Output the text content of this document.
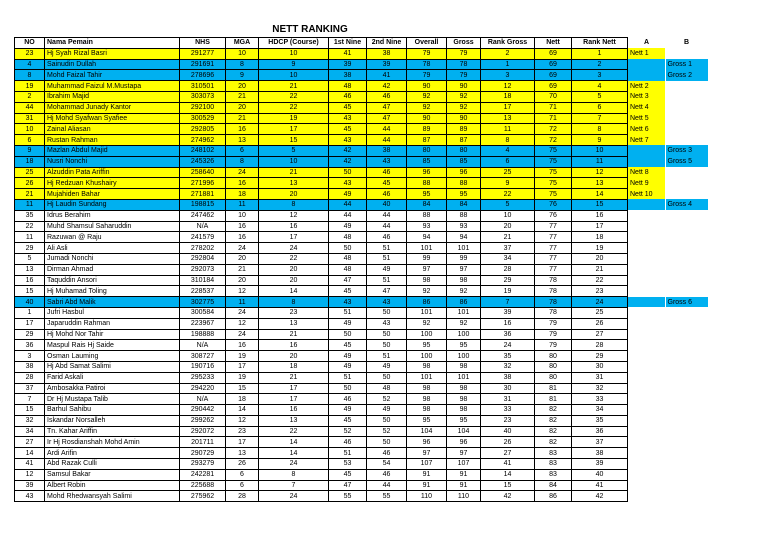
NETT RANKING
NO	Nama Pemain	NHS	MGA	HDCP (Course)	1st Nine	2nd Nine	Overall	Gross	Rank Gross	Nett	Rank Nett	A	B
23	Hj Syah Rizal Basri	291277	10	10	41	38	79	79	2	69	1	Nett 1	
4	Sainudin Dullah	291691	8	9	39	39	78	78	1	69	2		Gross 1
8	Mohd Faizal Tahir	278696	9	10	38	41	79	79	3	69	3		Gross 2
19	Muhammad Faizul M.Mustapa	310501	20	21	48	42	90	90	12	69	4	Nett 2	
2	Ibrahim Majid	303073	21	22	46	46	92	92	18	70	5	Nett 3	
44	Mohammad Junady Kantor	292100	20	22	45	47	92	92	17	71	6	Nett 4	
31	Hj Mohd Syafwan Syafiee	300529	21	19	43	47	90	90	13	71	7	Nett 5	
10	Zainal Aliasan	292805	16	17	45	44	89	89	11	72	8	Nett 6	
6	Rustan Rahman	274962	13	15	43	44	87	87	8	72	9	Nett 7	
9	Mazlan Abdul Majid	248102	6	5	42	38	80	80	4	75	10		Gross 3
18	Nusri Nonchi	245326	8	10	42	43	85	85	6	75	11		Gross 5
25	Alzuddin Pata Ariffin	258640	24	21	50	46	96	96	25	75	12	Nett 8	
26	Hj Redzuan Khushairy	271996	16	13	43	45	88	88	9	75	13	Nett 9	
21	Mujahiden Bahar	271881	18	20	49	46	95	95	22	75	14	Nett 10	
11	Hj Laudin Sundang	198815	11	8	44	40	84	84	5	76	15		Gross 4
35	Idrus Berahim	247462	10	12	44	44	88	88	10	76	16		
22	Muhd Shamsul Saharuddin	N/A	16	16	49	44	93	93	20	77	17		
11	Razuwan @ Raju	241579	16	17	48	46	94	94	21	77	18		
29	Ali Asli	278202	24	24	50	51	101	101	37	77	19		
5	Jumadi Nonchi	292804	20	22	48	51	99	99	34	77	20		
13	Dirman Ahmad	292073	21	20	48	49	97	97	28	77	21		
16	Taquddin Ansori	310184	20	20	47	51	98	98	29	78	22		
15	Hj Muhamad Toling	228537	12	14	45	47	92	92	19	78	23		
40	Sabri Abd Malik	302775	11	8	43	43	86	86	7	78	24		Gross 6
1	Jufri Hasbul	300584	24	23	51	50	101	101	39	78	25		
17	Japaruddin Rahman	223967	12	13	49	43	92	92	16	79	26		
29	Hj Mohd Nor Tahir	198888	24	21	50	50	100	100	36	79	27		
36	Maspul Rais Hj Saide	N/A	16	16	45	50	95	95	24	79	28		
3	Osman Lauming	308727	19	20	49	51	100	100	35	80	29		
38	Hj Abd Samat Salimi	190716	17	18	49	49	98	98	32	80	30		
28	Farid Askali	295233	19	21	51	50	101	101	38	80	31		
37	Ambosakka Patiroi	294220	15	17	50	48	98	98	30	81	32		
7	Dr Hj Mustapa Talib	N/A	18	17	46	52	98	98	31	81	33		
15	Barhul Sahibu	290442	14	16	49	49	98	98	33	82	34		
32	Iskandar Norsalleh	299262	12	13	45	50	95	95	23	82	35		
34	Tn. Kahar Ariffin	292072	23	22	52	52	104	104	40	82	36		
27	Ir Hj Rosdianshah Mohd Amin	201711	17	14	46	50	96	96	26	82	37		
14	Ardi Arifin	290729	13	14	51	46	97	97	27	83	38		
41	Abd Razak Culli	293279	26	24	53	54	107	107	41	83	39		
12	Samsul Bakar	242281	6	8	45	46	91	91	14	83	40		
39	Albert Robin	225688	6	7	47	44	91	91	15	84	41		
43	Mohd Rhedwansyah Salimi	275962	28	24	55	55	110	110	42	86	42		
